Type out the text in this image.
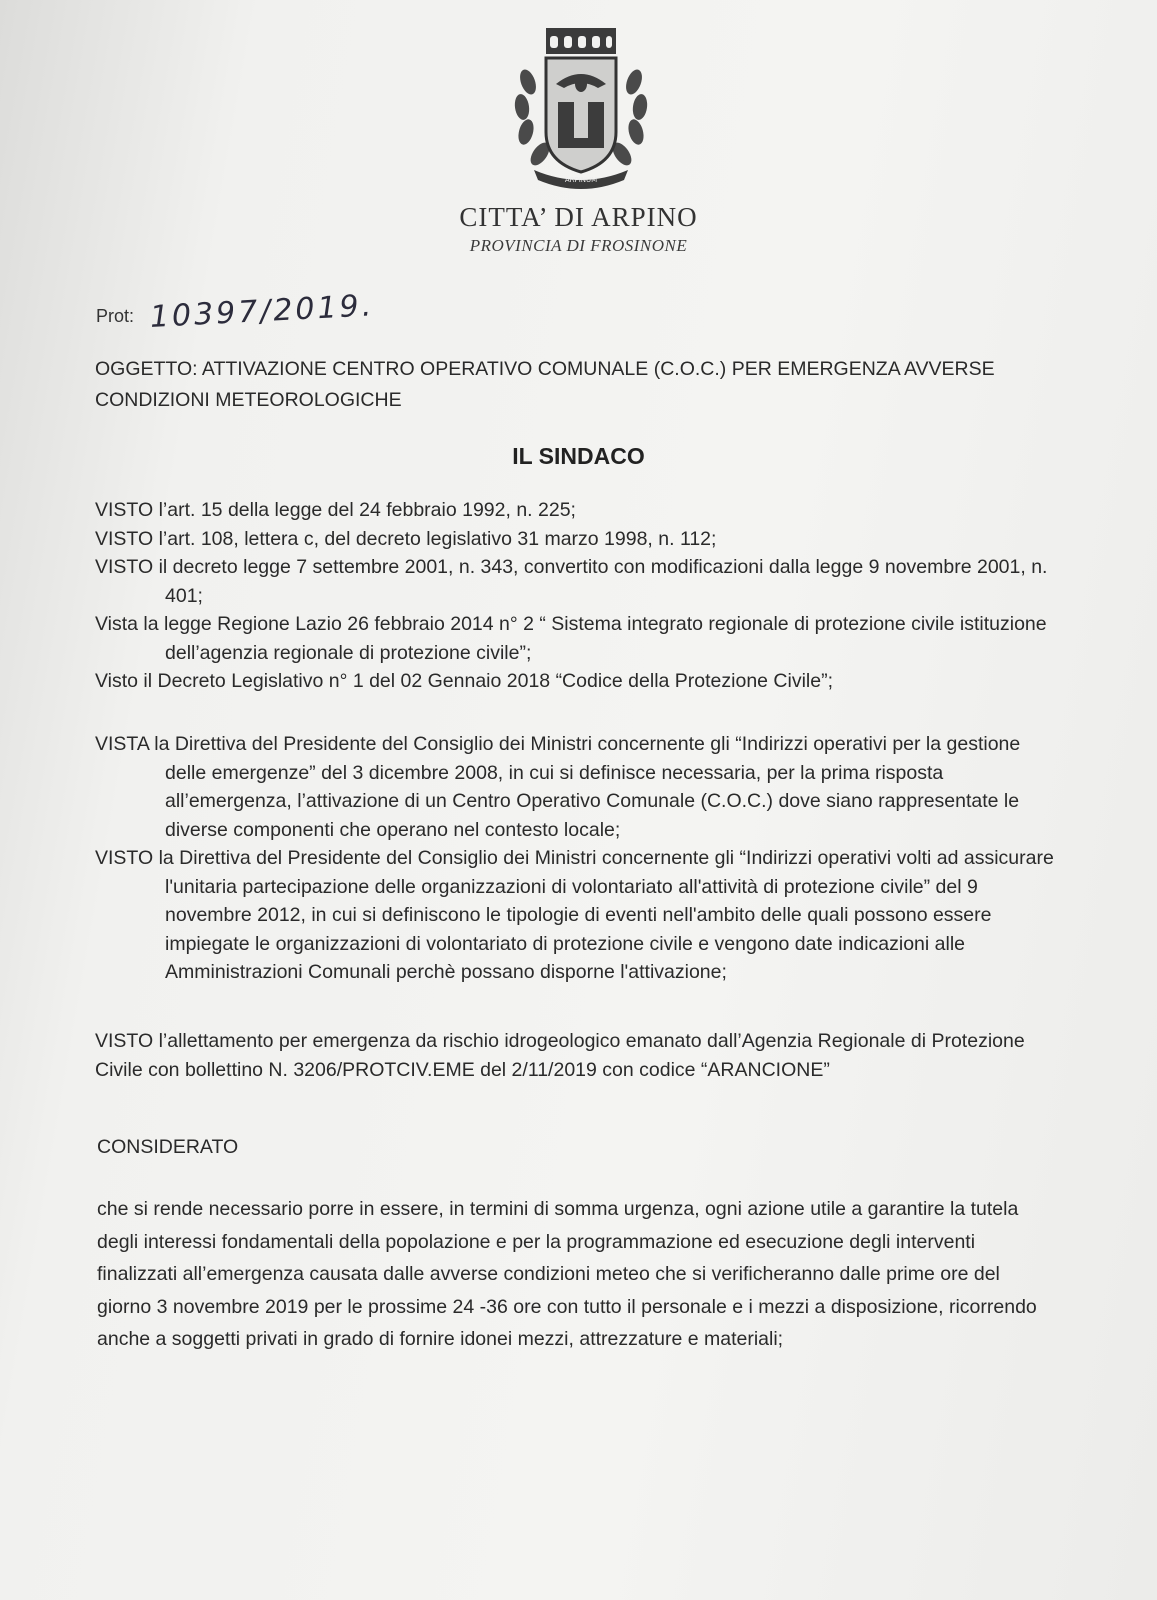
ARPINUM
CITTA’ DI ARPINO
PROVINCIA DI FROSINONE
Prot: 10397/2019.
OGGETTO: ATTIVAZIONE CENTRO OPERATIVO COMUNALE (C.O.C.) PER EMERGENZA AVVERSE CONDIZIONI METEOROLOGICHE
IL SINDACO

VISTO l’art. 15 della legge del 24 febbraio 1992, n. 225;

VISTO l’art. 108, lettera c, del decreto legislativo 31 marzo 1998, n. 112;

VISTO il decreto legge 7 settembre 2001, n. 343, convertito con modificazioni dalla legge 9 novembre 2001, n. 401;

Vista la legge Regione Lazio 26 febbraio 2014 n° 2 “ Sistema integrato regionale di protezione civile istituzione dell’agenzia regionale di protezione civile”;

Visto il Decreto Legislativo n° 1 del 02 Gennaio 2018 “Codice della Protezione Civile”;

VISTA la Direttiva del Presidente del Consiglio dei Ministri concernente gli “Indirizzi operativi per la gestione delle emergenze” del 3 dicembre 2008, in cui si definisce necessaria, per la prima risposta all’emergenza, l’attivazione di un Centro Operativo Comunale (C.O.C.) dove siano rappresentate le diverse componenti che operano nel contesto locale;

VISTO la Direttiva del Presidente del Consiglio dei Ministri concernente gli “Indirizzi operativi volti ad assicurare l'unitaria partecipazione delle organizzazioni di volontariato all'attività di protezione civile” del 9 novembre 2012, in cui si definiscono le tipologie di eventi nell'ambito delle quali possono essere impiegate le organizzazioni di volontariato di protezione civile e vengono date indicazioni alle Amministrazioni Comunali perchè possano disporne l'attivazione;

VISTO l’allettamento per emergenza da rischio idrogeologico emanato dall’Agenzia Regionale di Protezione Civile con bollettino N. 3206/PROTCIV.EME del 2/11/2019 con codice “ARANCIONE”
CONSIDERATO
che si rende necessario porre in essere, in termini di somma urgenza, ogni azione utile a garantire la tutela degli interessi fondamentali della popolazione e per la programmazione ed esecuzione degli interventi finalizzati all’emergenza causata dalle avverse condizioni meteo che si verificheranno dalle prime ore del giorno 3 novembre 2019 per le prossime 24 -36 ore con tutto il personale e i mezzi a disposizione, ricorrendo anche a soggetti privati in grado di fornire idonei mezzi, attrezzature e materiali;
